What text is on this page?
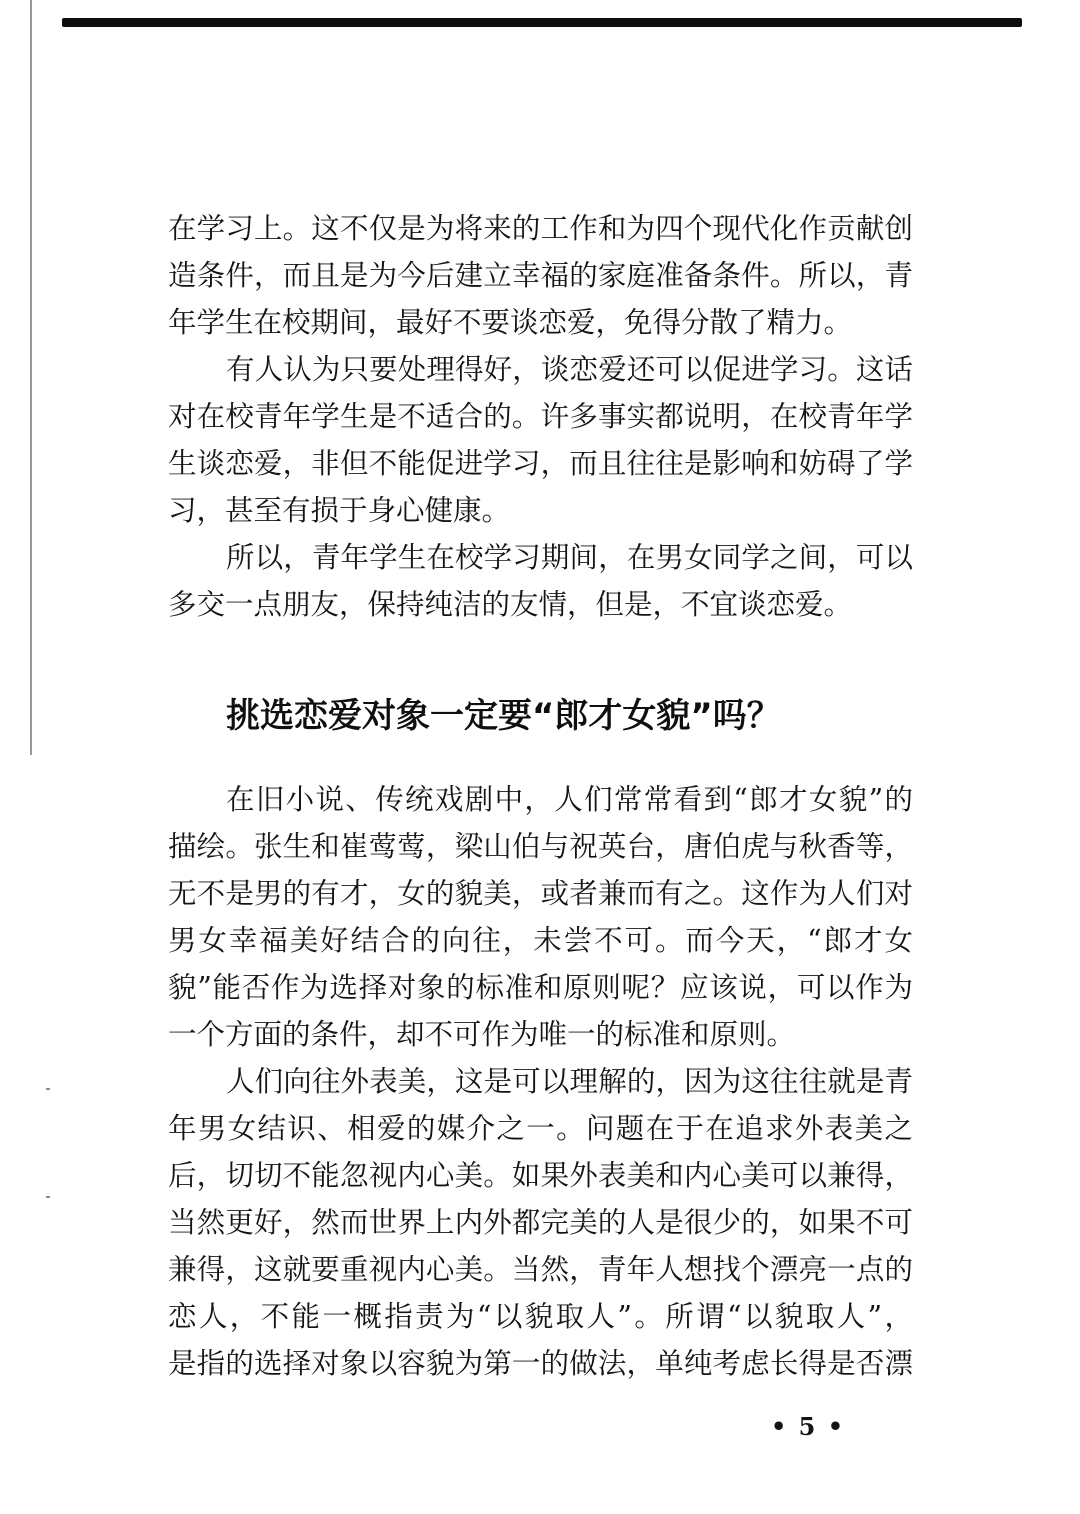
在学习上。这不仅是为将来的工作和为四个现代化作贡献创
造条件，而且是为今后建立幸福的家庭准备条件。所以，青
年学生在校期间，最好不要谈恋爱，免得分散了精力。
有人认为只要处理得好，谈恋爱还可以促进学习。这话
对在校青年学生是不适合的。许多事实都说明，在校青年学
生谈恋爱，非但不能促进学习，而且往往是影响和妨碍了学
习，甚至有损于身心健康。
所以，青年学生在校学习期间，在男女同学之间，可以
多交一点朋友，保持纯洁的友情，但是，不宜谈恋爱。
挑选恋爱对象一定要“郎才女貌”吗？
在旧小说、传统戏剧中，人们常常看到“郎才女貌”的
描绘。张生和崔莺莺，梁山伯与祝英台，唐伯虎与秋香等，
无不是男的有才，女的貌美，或者兼而有之。这作为人们对
男女幸福美好结合的向往，未尝不可。而今天，“郎才女
貌”能否作为选择对象的标准和原则呢？应该说，可以作为
一个方面的条件，却不可作为唯一的标准和原则。
人们向往外表美，这是可以理解的，因为这往往就是青
年男女结识、相爱的媒介之一。问题在于在追求外表美之
后，切切不能忽视内心美。如果外表美和内心美可以兼得，
当然更好，然而世界上内外都完美的人是很少的，如果不可
兼得，这就要重视内心美。当然，青年人想找个漂亮一点的
恋人，不能一概指责为“以貌取人”。所谓“以貌取人”，
是指的选择对象以容貌为第一的做法，单纯考虑长得是否漂
• 5 •
